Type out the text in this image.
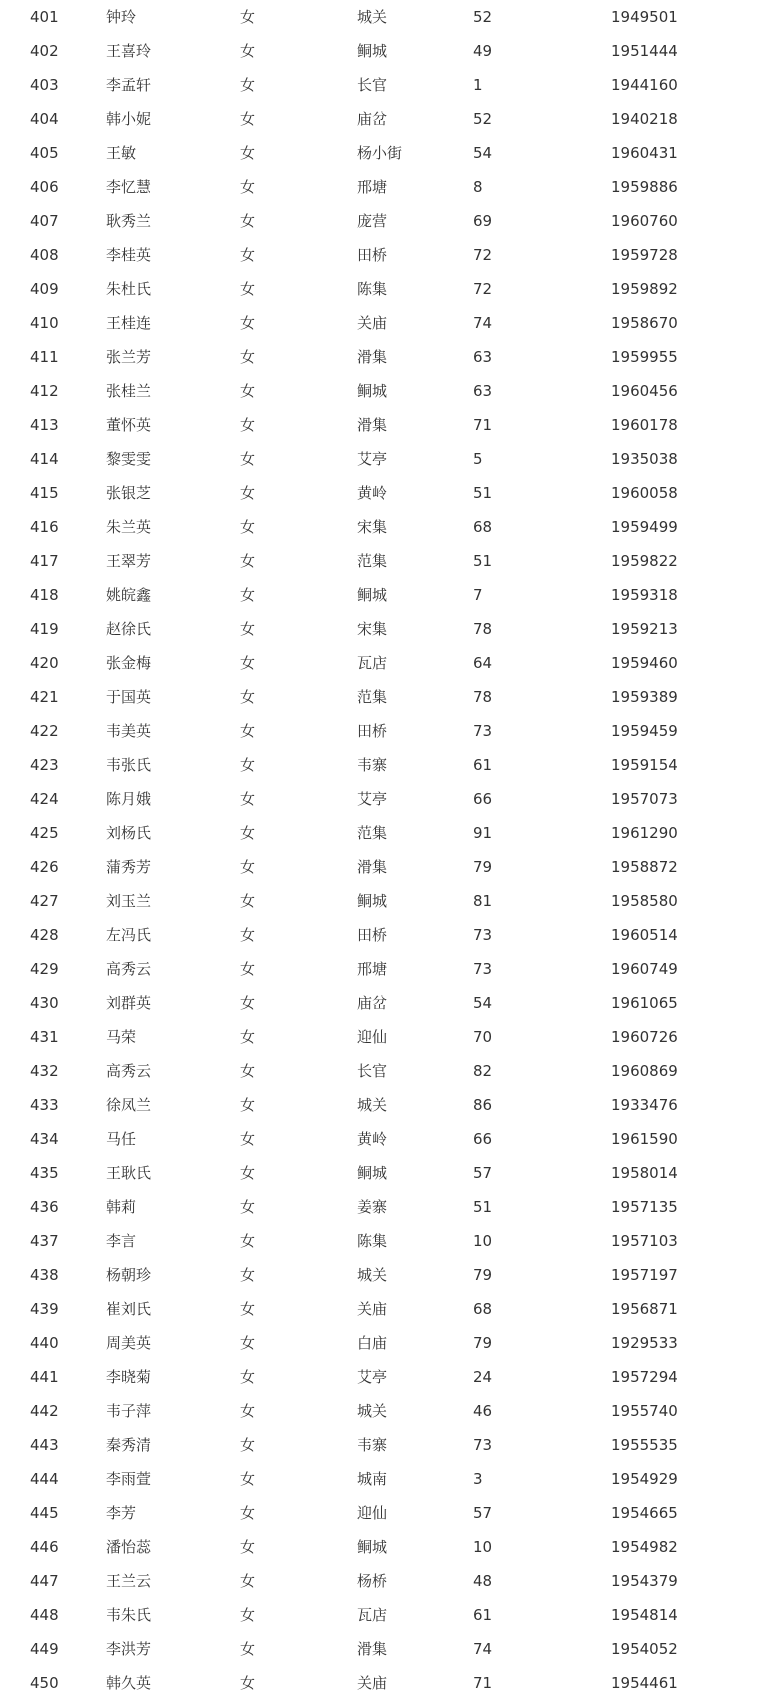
	401	钟玲	女	城关	52	1949501
	402	王喜玲	女	鲖城	49	1951444
	403	李孟轩	女	长官	1	1944160
	404	韩小妮	女	庙岔	52	1940218
	405	王敏	女	杨小街	54	1960431
	406	李忆慧	女	邢塘	8	1959886
	407	耿秀兰	女	庞营	69	1960760
	408	李桂英	女	田桥	72	1959728
	409	朱杜氏	女	陈集	72	1959892
	410	王桂连	女	关庙	74	1958670
	411	张兰芳	女	滑集	63	1959955
	412	张桂兰	女	鲖城	63	1960456
	413	董怀英	女	滑集	71	1960178
	414	黎雯雯	女	艾亭	5	1935038
	415	张银芝	女	黄岭	51	1960058
	416	朱兰英	女	宋集	68	1959499
	417	王翠芳	女	范集	51	1959822
	418	姚皖鑫	女	鲖城	7	1959318
	419	赵徐氏	女	宋集	78	1959213
	420	张金梅	女	瓦店	64	1959460
	421	于国英	女	范集	78	1959389
	422	韦美英	女	田桥	73	1959459
	423	韦张氏	女	韦寨	61	1959154
	424	陈月娥	女	艾亭	66	1957073
	425	刘杨氏	女	范集	91	1961290
	426	蒲秀芳	女	滑集	79	1958872
	427	刘玉兰	女	鲖城	81	1958580
	428	左冯氏	女	田桥	73	1960514
	429	高秀云	女	邢塘	73	1960749
	430	刘群英	女	庙岔	54	1961065
	431	马荣	女	迎仙	70	1960726
	432	高秀云	女	长官	82	1960869
	433	徐凤兰	女	城关	86	1933476
	434	马任	女	黄岭	66	1961590
	435	王耿氏	女	鲖城	57	1958014
	436	韩莉	女	姜寨	51	1957135
	437	李言	女	陈集	10	1957103
	438	杨朝珍	女	城关	79	1957197
	439	崔刘氏	女	关庙	68	1956871
	440	周美英	女	白庙	79	1929533
	441	李晓菊	女	艾亭	24	1957294
	442	韦子萍	女	城关	46	1955740
	443	秦秀清	女	韦寨	73	1955535
	444	李雨萱	女	城南	3	1954929
	445	李芳	女	迎仙	57	1954665
	446	潘怡蕊	女	鲖城	10	1954982
	447	王兰云	女	杨桥	48	1954379
	448	韦朱氏	女	瓦店	61	1954814
	449	李洪芳	女	滑集	74	1954052
	450	韩久英	女	关庙	71	1954461
